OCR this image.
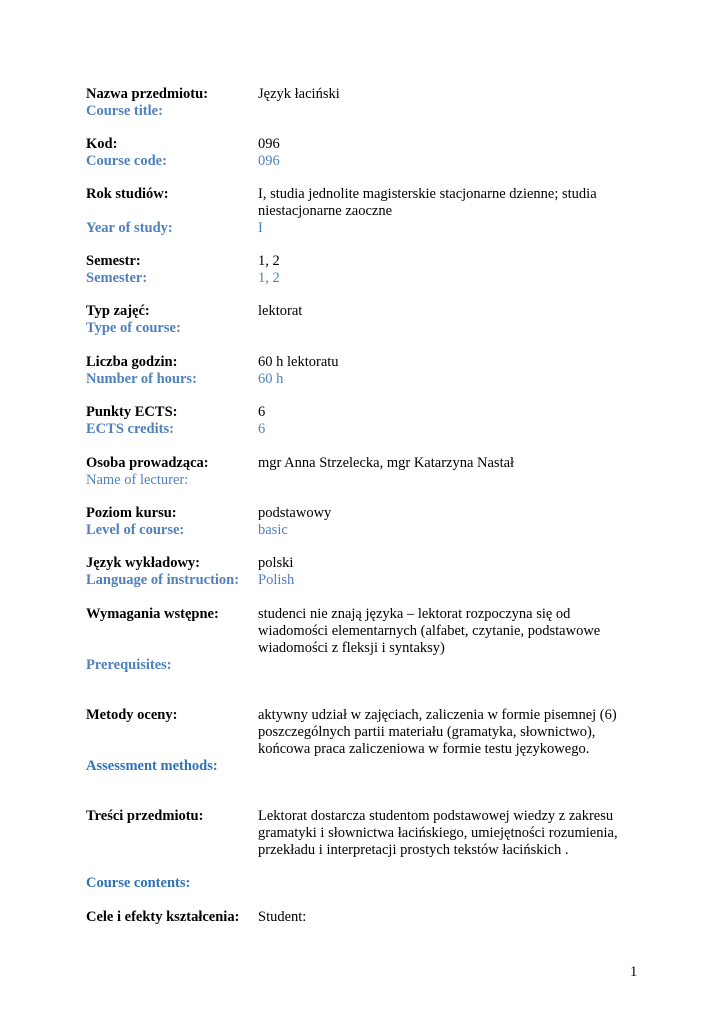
Nazwa przedmiotu:	Język łaciński
Course title:
Kod:	096
Course code:	096
Rok studiów:	I, studia jednolite magisterskie stacjonarne dzienne; studia
niestacjonarne zaoczne
Year of study:	I
Semestr:	1, 2
Semester:	1, 2
Typ zajęć:	lektorat
Type of course:
Liczba godzin:	60 h lektoratu
Number of hours:	60 h
Punkty ECTS:	6
ECTS credits:	6
Osoba prowadząca:	mgr Anna Strzelecka, mgr Katarzyna Nastał
Name of lecturer:
Poziom kursu:	podstawowy
Level of course:	basic
Język wykładowy:	polski
Language of instruction: Polish
Wymagania wstępne:	studenci nie znają języka – lektorat rozpoczyna się od
wiadomości elementarnych (alfabet, czytanie, podstawowe
wiadomości z fleksji i syntaksy)
Prerequisites:
Metody oceny:	aktywny udział w zajęciach, zaliczenia w formie pisemnej (6)
poszczególnych partii materiału (gramatyka, słownictwo),
końcowa praca zaliczeniowa w formie testu językowego.
Assessment methods:
Treści przedmiotu:	Lektorat dostarcza studentom podstawowej wiedzy z zakresu
gramatyki i słownictwa łacińskiego, umiejętności rozumienia,
przekładu i interpretacji prostych tekstów łacińskich .
Course contents:
Cele i efekty kształcenia: Student:
1
